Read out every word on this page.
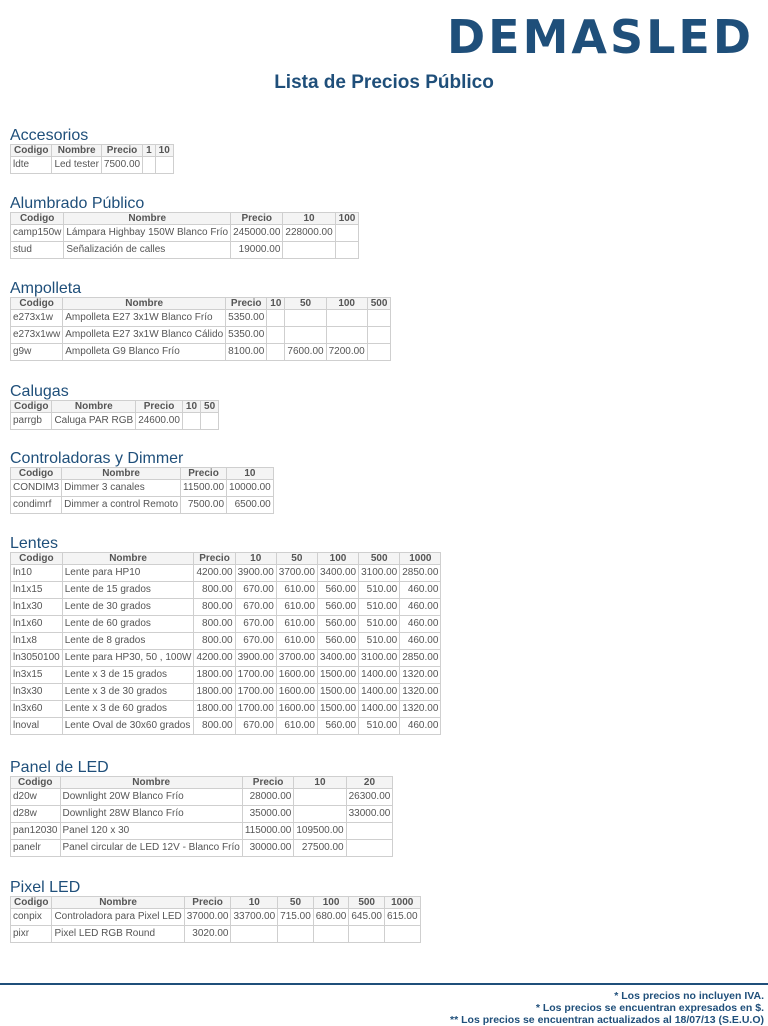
DEMASLED
Lista de Precios Público
Accesorios
Codigo	Nombre	Precio	1	10
ldte	Led tester	7500.00		
Alumbrado Público
Codigo	Nombre	Precio	10	100
camp150w	Lámpara Highbay 150W Blanco Frío	245000.00	228000.00	
stud	Señalización de calles	19000.00		
Ampolleta
Codigo	Nombre	Precio	10	50	100	500
e273x1w	Ampolleta E27 3x1W Blanco Frío	5350.00				
e273x1ww	Ampolleta E27 3x1W Blanco Cálido	5350.00				
g9w	Ampolleta G9 Blanco Frío	8100.00		7600.00	7200.00	
Calugas
Codigo	Nombre	Precio	10	50
parrgb	Caluga PAR RGB	24600.00		
Controladoras y Dimmer
Codigo	Nombre	Precio	10
CONDIM3	Dimmer 3 canales	11500.00	10000.00
condimrf	Dimmer a control Remoto	7500.00	6500.00
Lentes
Codigo	Nombre	Precio	10	50	100	500	1000
ln10	Lente para HP10	4200.00	3900.00	3700.00	3400.00	3100.00	2850.00
ln1x15	Lente de 15 grados	800.00	670.00	610.00	560.00	510.00	460.00
ln1x30	Lente de 30 grados	800.00	670.00	610.00	560.00	510.00	460.00
ln1x60	Lente de 60 grados	800.00	670.00	610.00	560.00	510.00	460.00
ln1x8	Lente de 8 grados	800.00	670.00	610.00	560.00	510.00	460.00
ln3050100	Lente para HP30, 50 , 100W	4200.00	3900.00	3700.00	3400.00	3100.00	2850.00
ln3x15	Lente x 3 de 15 grados	1800.00	1700.00	1600.00	1500.00	1400.00	1320.00
ln3x30	Lente x 3 de 30 grados	1800.00	1700.00	1600.00	1500.00	1400.00	1320.00
ln3x60	Lente x 3 de 60 grados	1800.00	1700.00	1600.00	1500.00	1400.00	1320.00
lnoval	Lente Oval de 30x60 grados	800.00	670.00	610.00	560.00	510.00	460.00
Panel de LED
Codigo	Nombre	Precio	10	20
d20w	Downlight 20W Blanco Frío	28000.00		26300.00
d28w	Downlight 28W Blanco Frío	35000.00		33000.00
pan12030	Panel 120 x 30	115000.00	109500.00	
panelr	Panel circular de LED 12V - Blanco Frío	30000.00	27500.00	
Pixel LED
Codigo	Nombre	Precio	10	50	100	500	1000
conpix	Controladora para Pixel LED	37000.00	33700.00	715.00	680.00	645.00	615.00
pixr	Pixel LED RGB Round	3020.00					
* Los precios no incluyen IVA.
* Los precios se encuentran expresados en $.
** Los precios se encuentran actualizados al 18/07/13 (S.E.U.O)
